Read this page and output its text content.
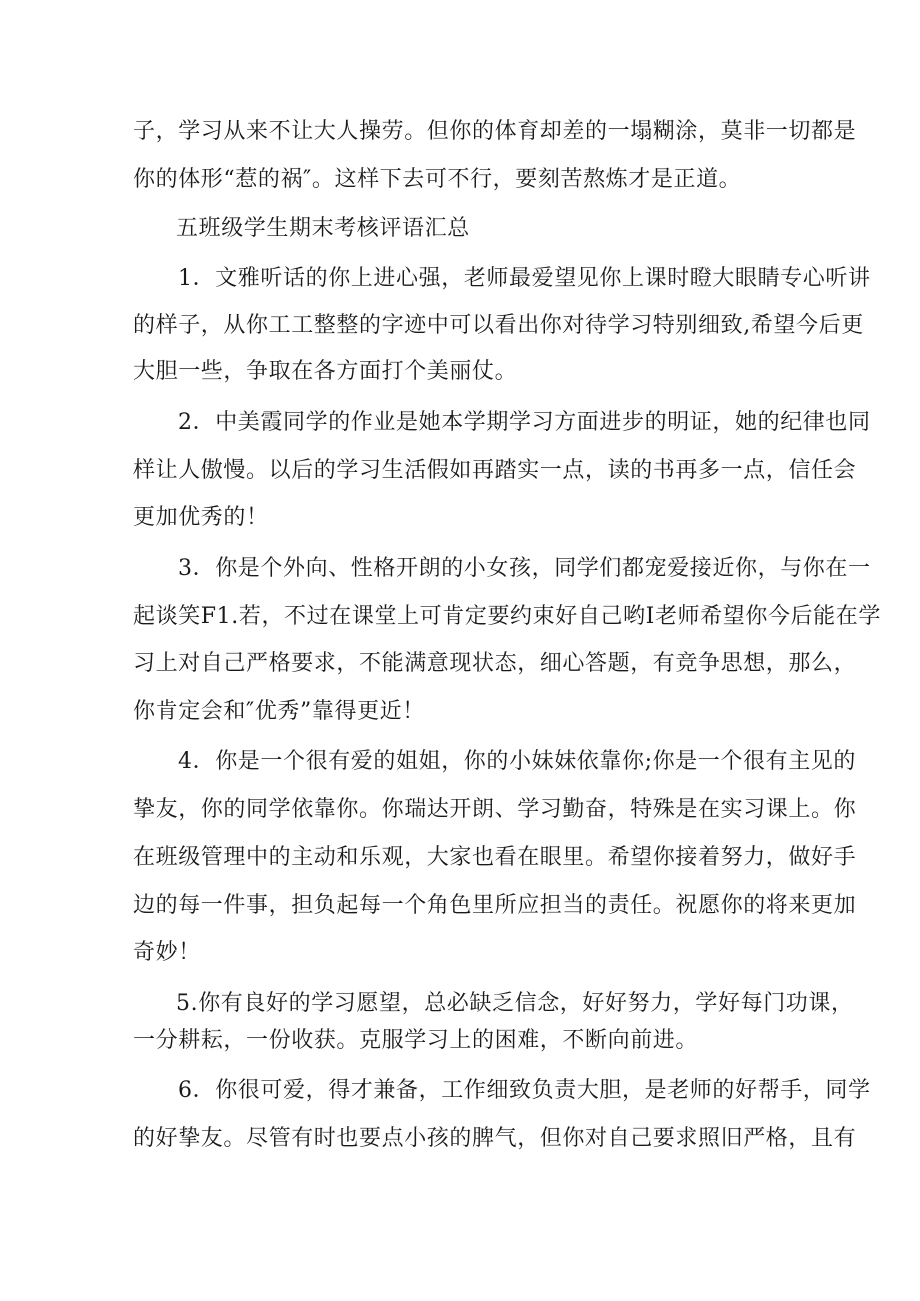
子，学习从来不让大人操劳。但你的体育却差的一塌糊涂，莫非一切都是
你的体形“惹的祸″。这样下去可不行，要刻苦熬炼才是正道。
五班级学生期末考核评语汇总
1．文雅听话的你上进心强，老师最爱望见你上课时瞪大眼睛专心听讲
的样子，从你工工整整的字迹中可以看出你对待学习特别细致,希望今后更
大胆一些，争取在各方面打个美丽仗。
2．中美霞同学的作业是她本学期学习方面进步的明证，她的纪律也同
样让人傲慢。以后的学习生活假如再踏实一点，读的书再多一点，信任会
更加优秀的！
3．你是个外向、性格开朗的小女孩，同学们都宠爱接近你，与你在一
起谈笑F1.若，不过在课堂上可肯定要约束好自己哟I老师希望你今后能在学
习上对自己严格要求，不能满意现状态，细心答题，有竞争思想，那么，
你肯定会和″优秀”靠得更近！
4．你是一个很有爱的姐姐，你的小妹妹依靠你;你是一个很有主见的
挚友，你的同学依靠你。你瑞达开朗、学习勤奋，特殊是在实习课上。你
在班级管理中的主动和乐观，大家也看在眼里。希望你接着努力，做好手
边的每一件事，担负起每一个角色里所应担当的责任。祝愿你的将来更加
奇妙！
5.你有良好的学习愿望，总必缺乏信念，好好努力，学好每门功课，
一分耕耘，一份收获。克服学习上的困难，不断向前进。
6．你很可爱，得才兼备，工作细致负责大胆，是老师的好帮手，同学
的好挚友。尽管有时也要点小孩的脾气，但你对自己要求照旧严格，且有
